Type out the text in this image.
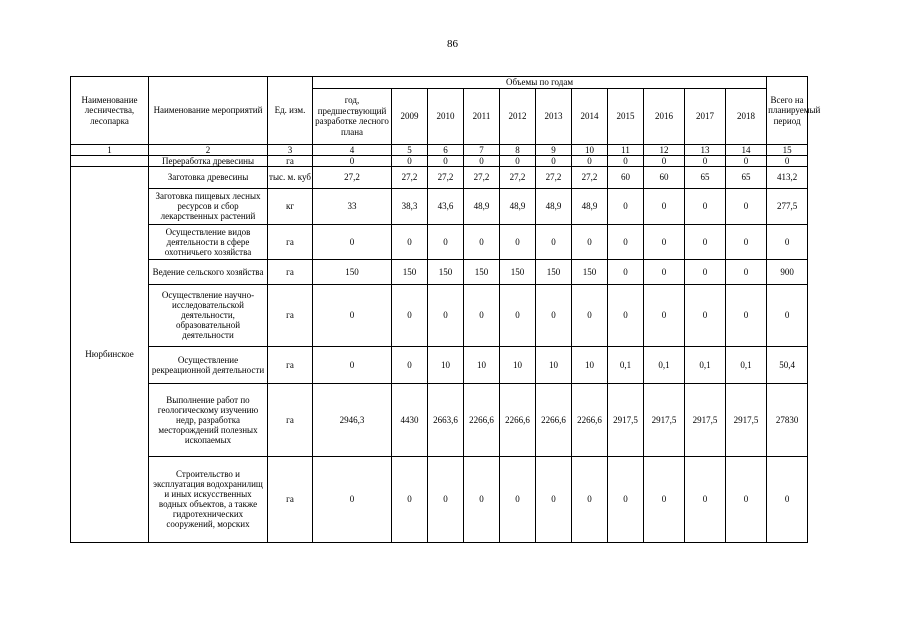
86
Наименование лесничества, лесопарка	Наименование мероприятий	Ед. изм.	Объемы по годам											Всего на планируемый период
			год, предшествующий разработке лесного плана	2009	2010	2011	2012	2013	2014	2015	2016	2017	2018	
1	2	3	4	5	6	7	8	9	10	11	12	13	14	15
	Переработка древесины	га	0	0	0	0	0	0	0	0	0	0	0	0
Нюрбинское	Заготовка древесины	тыс. м. куб	27,2	27,2	27,2	27,2	27,2	27,2	27,2	60	60	65	65	413,2
	Заготовка пищевых лесных ресурсов и сбор лекарственных растений	кг	33	38,3	43,6	48,9	48,9	48,9	48,9	0	0	0	0	277,5
	Осуществление видов деятельности в сфере охотничьего хозяйства	га	0	0	0	0	0	0	0	0	0	0	0	0
	Ведение сельского хозяйства	га	150	150	150	150	150	150	150	0	0	0	0	900
	Осуществление научно-исследовательской деятельности, образовательной деятельности	га	0	0	0	0	0	0	0	0	0	0	0	0
	Осуществление рекреационной деятельности	га	0	0	10	10	10	10	10	0,1	0,1	0,1	0,1	50,4
	Выполнение работ по геологическому изучению недр, разработка месторождений полезных ископаемых	га	2946,3	4430	2663,6	2266,6	2266,6	2266,6	2266,6	2917,5	2917,5	2917,5	2917,5	27830
	Строительство и эксплуатация водохранилищ и иных искусственных водных объектов, а также гидротехнических сооружений, морских	га	0	0	0	0	0	0	0	0	0	0	0	0
